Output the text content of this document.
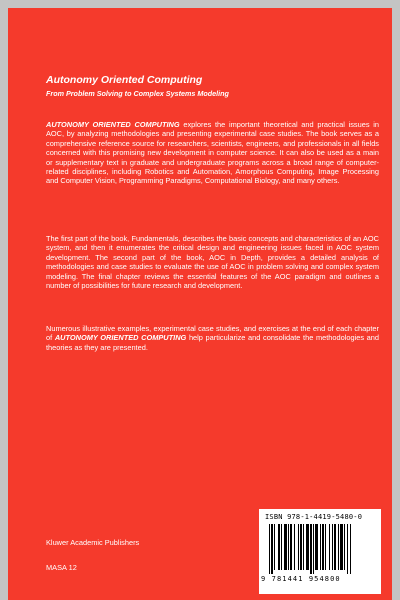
Autonomy Oriented Computing
From Problem Solving to Complex Systems Modeling

AUTONOMY ORIENTED COMPUTING explores the important theoretical and practical issues in AOC, by analyzing methodologies and presenting experimental case studies. The book serves as a comprehensive reference source for researchers, scientists, engineers, and professionals in all fields concerned with this promising new development in computer science. It can also be used as a main or supplementary text in graduate and undergraduate programs across a broad range of computer-related disciplines, including Robotics and Automation, Amorphous Computing, Image Processing and Computer Vision, Programming Paradigms, Computational Biology, and many others.

The first part of the book, Fundamentals, describes the basic concepts and characteristics of an AOC system, and then it enumerates the critical design and engineering issues faced in AOC system development. The second part of the book, AOC in Depth, provides a detailed analysis of methodologies and case studies to evaluate the use of AOC in problem solving and complex system modeling. The final chapter reviews the essential features of the AOC paradigm and outlines a number of possibilities for future research and development.

Numerous illustrative examples, experimental case studies, and exercises at the end of each chapter of AUTONOMY ORIENTED COMPUTING help particularize and consolidate the methodologies and theories as they are presented.

Kluwer Academic Publishers
MASA 12
ISBN 978-1-4419-5480-0
9 781441 954800
